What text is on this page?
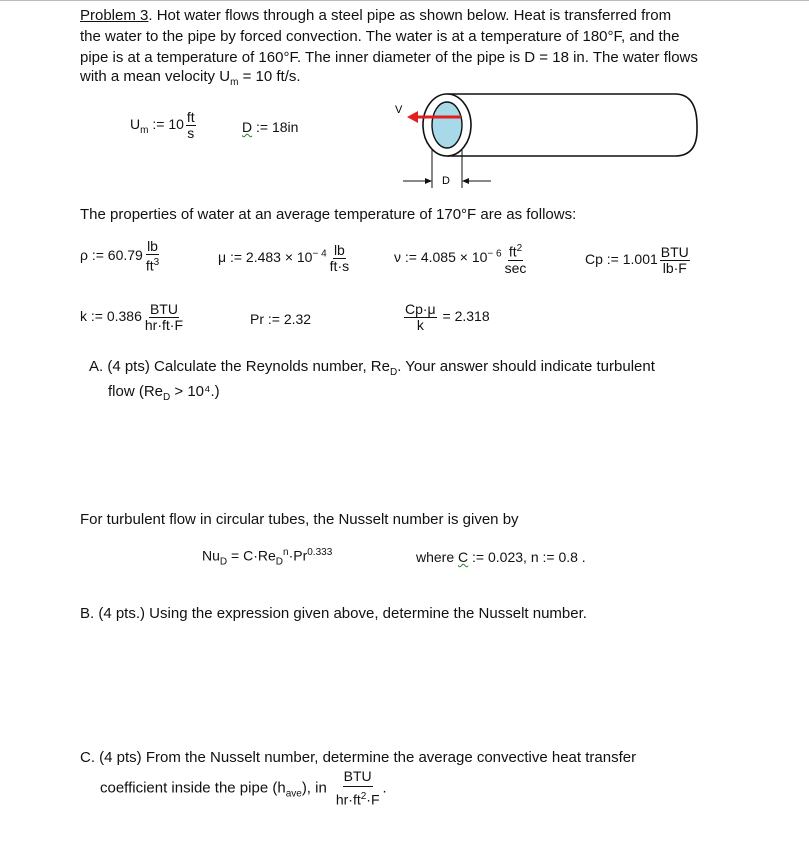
Problem 3. Hot water flows through a steel pipe as shown below. Heat is transferred from
the water to the pipe by forced convection. The water is at a temperature of 180°F, and the
pipe is at a temperature of 160°F. The inner diameter of the pipe is D = 18 in. The water flows
with a mean velocity $U_m = 10$ ft/s.
$U_m$ := $10 \frac{ft}{s}$	D := 18in
V
D
The properties of water at an average temperature of 170°F are as follows:
ρ := $60.79 \frac{lb}{ft^3}$	μ := $2.483 \times 10^{- 4} \frac{lb}{ft\cdot s}$	ν := $4.085 \times 10^{- 6} \frac{ft^2}{\sec}$	Cp := $1.001 \frac{\text{BTU}}{lb\cdot F}$
k := $0.386 \frac{\text{BTU}}{hr\cdot ft\cdot F}$	Pr := 2.32	$\frac{Cp\cdot\mu}{k} = 2.318$
A. (4 pts) Calculate the Reynolds number, $Re_D$. Your answer should indicate turbulent
flow $(Re_D > 10^4.)$
For turbulent flow in circular tubes, the Nusselt number is given by
$Nu_D = C\cdot Re_D^n\cdot Pr^{0.333}$	where C := 0.023, n := 0.8 .
B. (4 pts.) Using the expression given above, determine the Nusselt number.
C. (4 pts) From the Nusselt number, determine the average convective heat transfer
coefficient inside the pipe $(h_{ave})$, in $\frac{\text{BTU}}{hr\cdot ft^2\cdot F}$ .
